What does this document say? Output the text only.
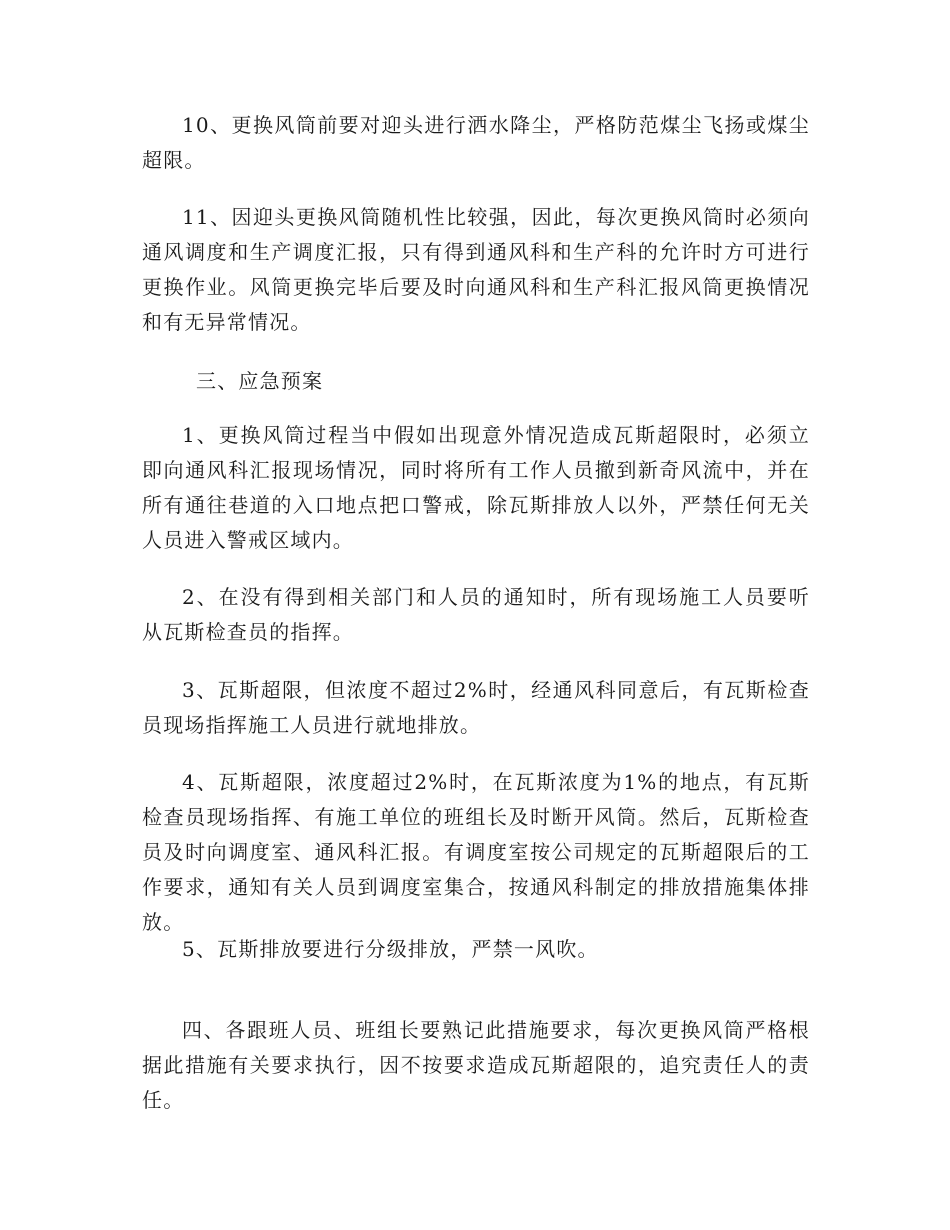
10、更换风筒前要对迎头进行洒水降尘，严格防范煤尘飞扬或煤尘超限。

11、因迎头更换风筒随机性比较强，因此，每次更换风筒时必须向通风调度和生产调度汇报，只有得到通风科和生产科的允许时方可进行更换作业。风筒更换完毕后要及时向通风科和生产科汇报风筒更换情况和有无异常情况。

三、应急预案

1、更换风筒过程当中假如出现意外情况造成瓦斯超限时，必须立即向通风科汇报现场情况，同时将所有工作人员撤到新奇风流中，并在所有通往巷道的入口地点把口警戒，除瓦斯排放人以外，严禁任何无关人员进入警戒区域内。

2、在没有得到相关部门和人员的通知时，所有现场施工人员要听从瓦斯检查员的指挥。

3、瓦斯超限，但浓度不超过2%时，经通风科同意后，有瓦斯检查员现场指挥施工人员进行就地排放。

4、瓦斯超限，浓度超过2%时，在瓦斯浓度为1%的地点，有瓦斯检查员现场指挥、有施工单位的班组长及时断开风筒。然后，瓦斯检查员及时向调度室、通风科汇报。有调度室按公司规定的瓦斯超限后的工作要求，通知有关人员到调度室集合，按通风科制定的排放措施集体排放。

5、瓦斯排放要进行分级排放，严禁一风吹。

四、各跟班人员、班组长要熟记此措施要求，每次更换风筒严格根据此措施有关要求执行，因不按要求造成瓦斯超限的，追究责任人的责任。
